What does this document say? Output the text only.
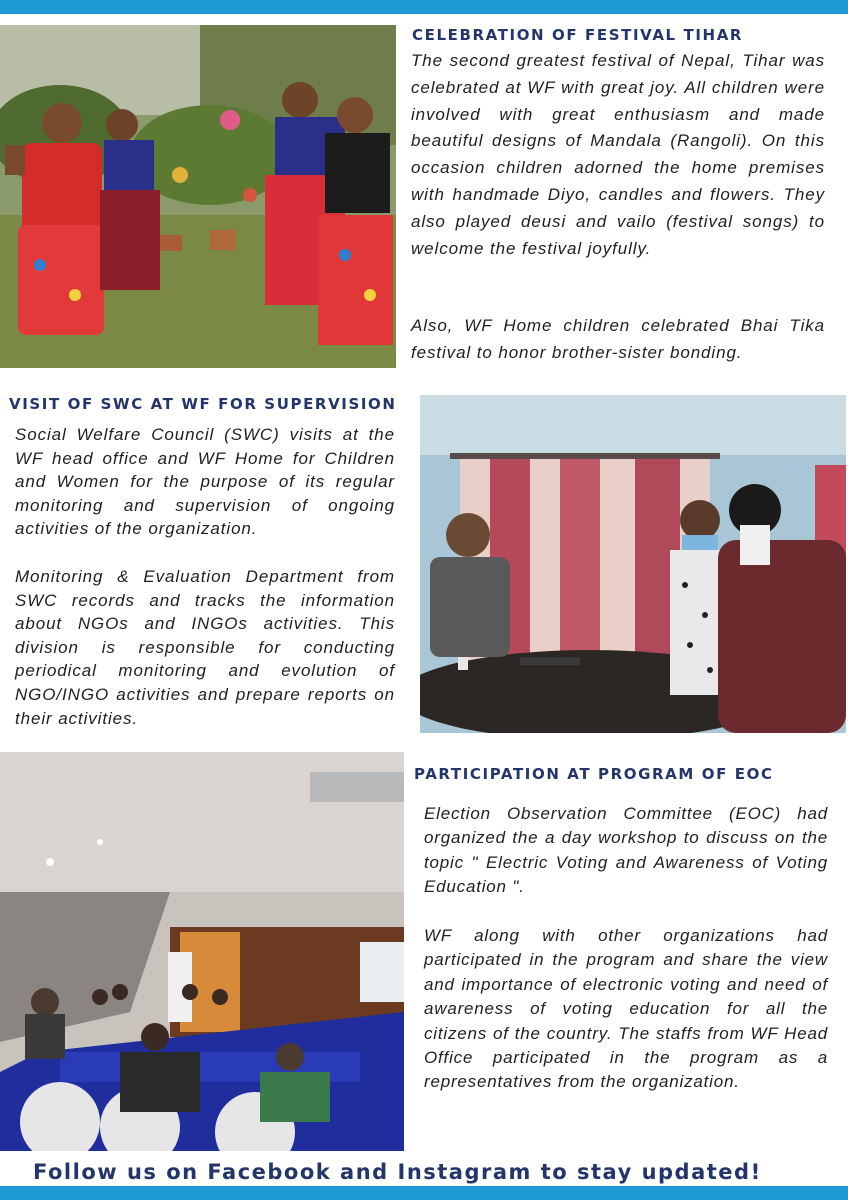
CELEBRATION OF FESTIVAL TIHAR

The second greatest festival of Nepal, Tihar was celebrated at WF with great joy. All children were involved with great enthusiasm and made beautiful designs of Mandala (Rangoli). On this occasion children adorned the home premises with handmade Diyo, candles and flowers. They also played deusi and vailo (festival songs) to welcome the festival joyfully.

Also, WF Home children celebrated Bhai Tika festival to honor brother-sister bonding.

VISIT OF SWC AT WF FOR SUPERVISION

Social Welfare Council (SWC) visits at the WF head office and WF Home for Children and Women for the purpose of its regular monitoring and supervision of ongoing activities of the organization.

Monitoring & Evaluation Department from SWC records and tracks the information about NGOs and INGOs activities. This division is responsible for conducting periodical monitoring and evolution of NGO/INGO activities and prepare reports on their activities.

PARTICIPATION AT PROGRAM OF EOC

Election Observation Committee (EOC) had organized the a day workshop to discuss on the topic " Electric Voting and Awareness of Voting Education ".

WF along with other organizations had participated in the program and share the view and importance of electronic voting and need of awareness of voting education for all the citizens of the country. The staffs from WF Head Office participated in the program as a representatives from the organization.

Follow us on Facebook and Instagram to stay updated!
